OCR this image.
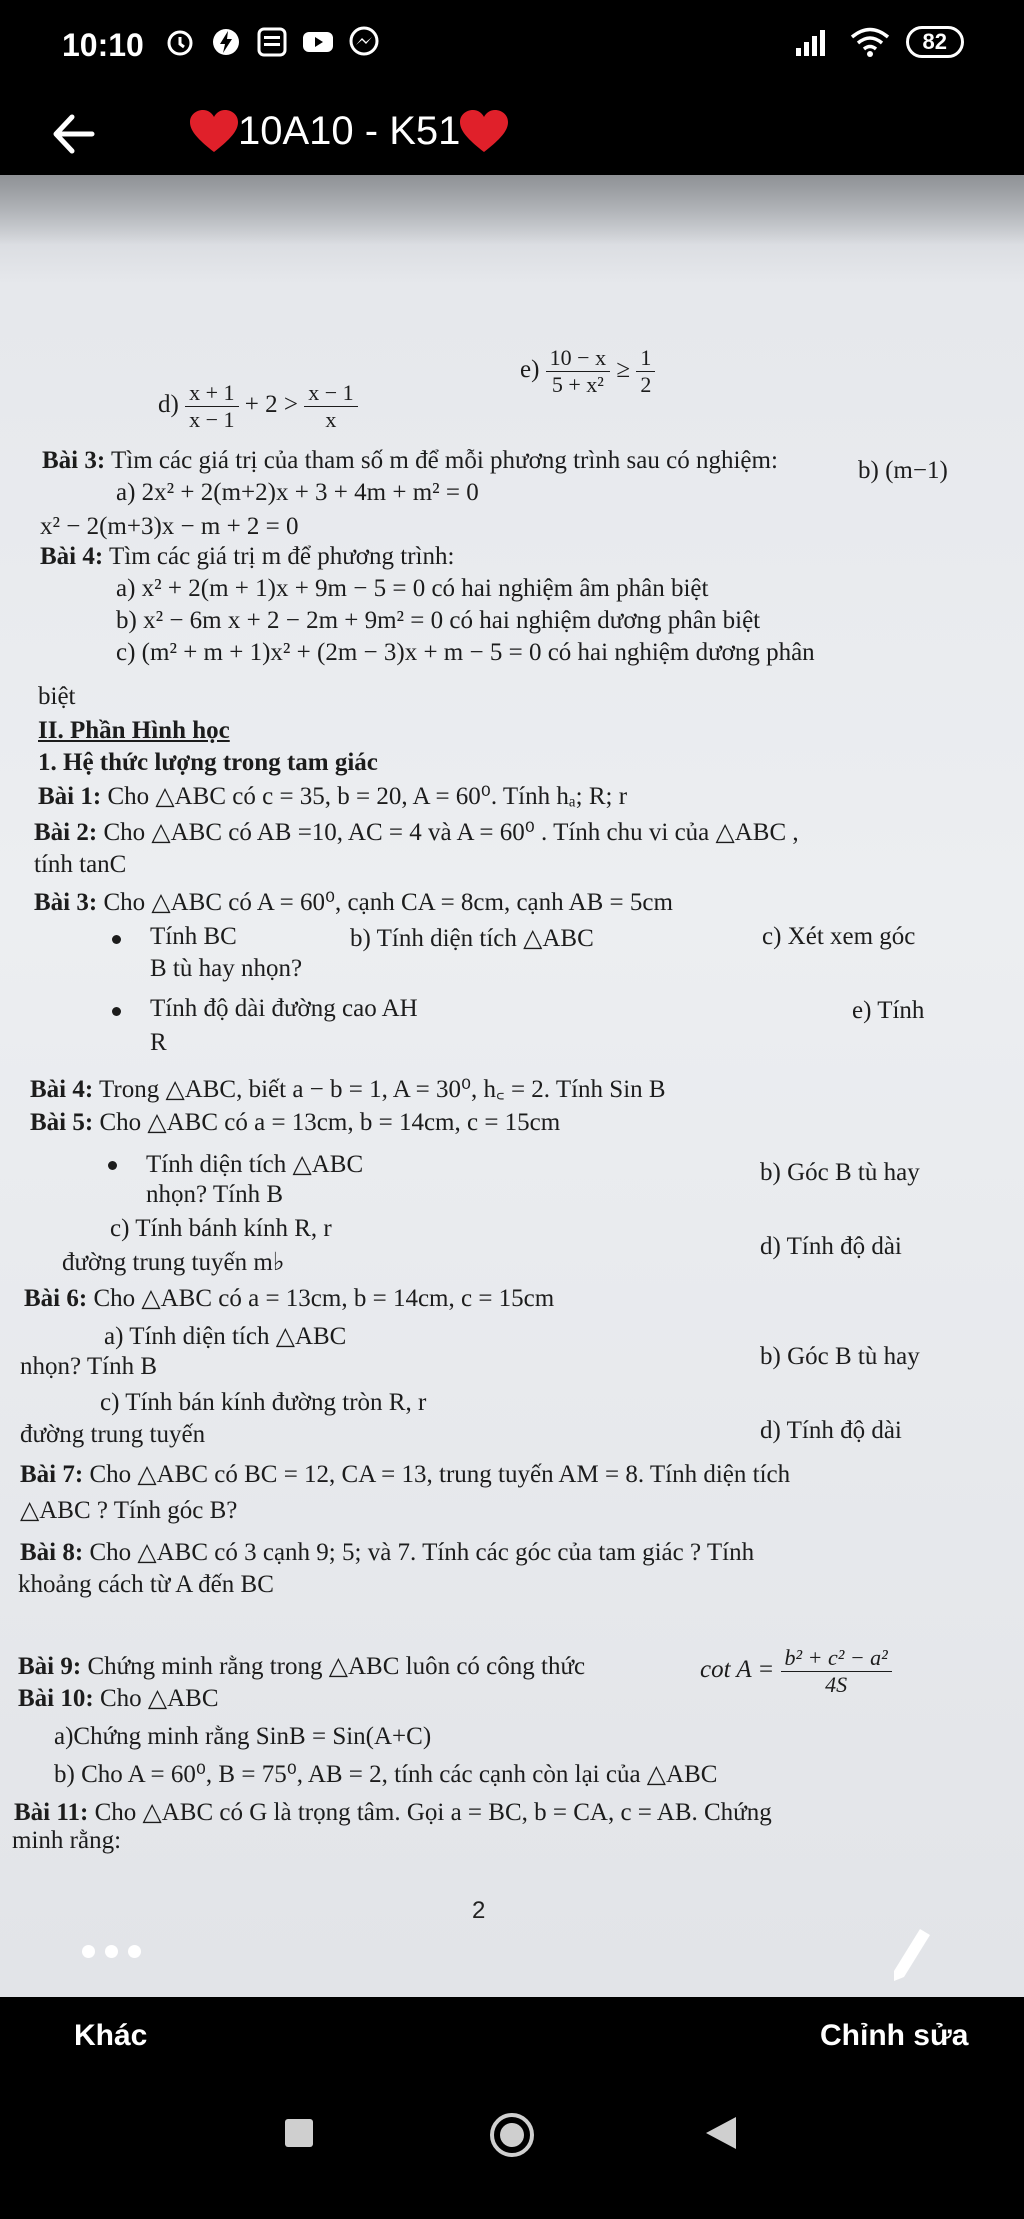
10:10	82
10A10 - K51
$d) \frac{x + 1}{x - 1} + 2 > \frac{x - 1}{x}$
$e) \frac{10 - x}{\text{5 + x²}} \ge \frac{1}{2}$
Bài 3: Tìm các giá trị của tham số m để mỗi phương trình sau có nghiệm:
a) 2x² + 2(m+2)x + 3 + 4m + m² = 0
b) (m−1)
x² − 2(m+3)x − m + 2 = 0
Bài 4: Tìm các giá trị m để phương trình:
a) x² + 2(m + 1)x + 9m − 5 = 0 có hai nghiệm âm phân biệt
b) x² − 6m x + 2 − 2m + 9m² = 0 có hai nghiệm dương phân biệt
c) (m² + m + 1)x² + (2m − 3)x + m − 5 = 0 có hai nghiệm dương phân
biệt
II. Phần Hình học
1. Hệ thức lượng trong tam giác
Bài 1: Cho △ABC có c = 35, b = 20, A = 60⁰. Tính hₐ; R; r
Bài 2: Cho △ABC có AB =10, AC = 4 và A = 60⁰ . Tính chu vi của △ABC ,
tính tanC
Bài 3: Cho △ABC có A = 60⁰, cạnh CA = 8cm, cạnh AB = 5cm
Tính BC	b) Tính diện tích △ABC	c) Xét xem góc
B tù hay nhọn?
Tính độ dài đường cao AH	e) Tính
R
Bài 4: Trong △ABC, biết a − b = 1, A = 30⁰, h꜀ = 2. Tính Sin B
Bài 5: Cho △ABC có a = 13cm, b = 14cm, c = 15cm
Tính diện tích △ABC	b) Góc B tù hay
nhọn? Tính B
c) Tính bánh kính R, r
d) Tính độ dài
đường trung tuyến m♭
Bài 6: Cho △ABC có a = 13cm, b = 14cm, c = 15cm
a) Tính diện tích △ABC
b) Góc B tù hay
nhọn? Tính B
c) Tính bán kính đường tròn R, r
d) Tính độ dài
đường trung tuyến
Bài 7: Cho △ABC có BC = 12, CA = 13, trung tuyến AM = 8. Tính diện tích
△ABC ? Tính góc B?
Bài 8: Cho △ABC có 3 cạnh 9; 5; và 7. Tính các góc của tam giác ? Tính
khoảng cách từ A đến BC
Bài 9: Chứng minh rằng trong △ABC luôn có công thức	$\cot A = \frac{\text{b² + c² − a²}}{4S}$
Bài 10: Cho △ABC
a)Chứng minh rằng SinB = Sin(A+C)
b) Cho A = 60⁰, B = 75⁰, AB = 2, tính các cạnh còn lại của △ABC
Bài 11: Cho △ABC có G là trọng tâm. Gọi a = BC, b = CA, c = AB. Chứng
minh rằng:
2
Khác	Chỉnh sửa
